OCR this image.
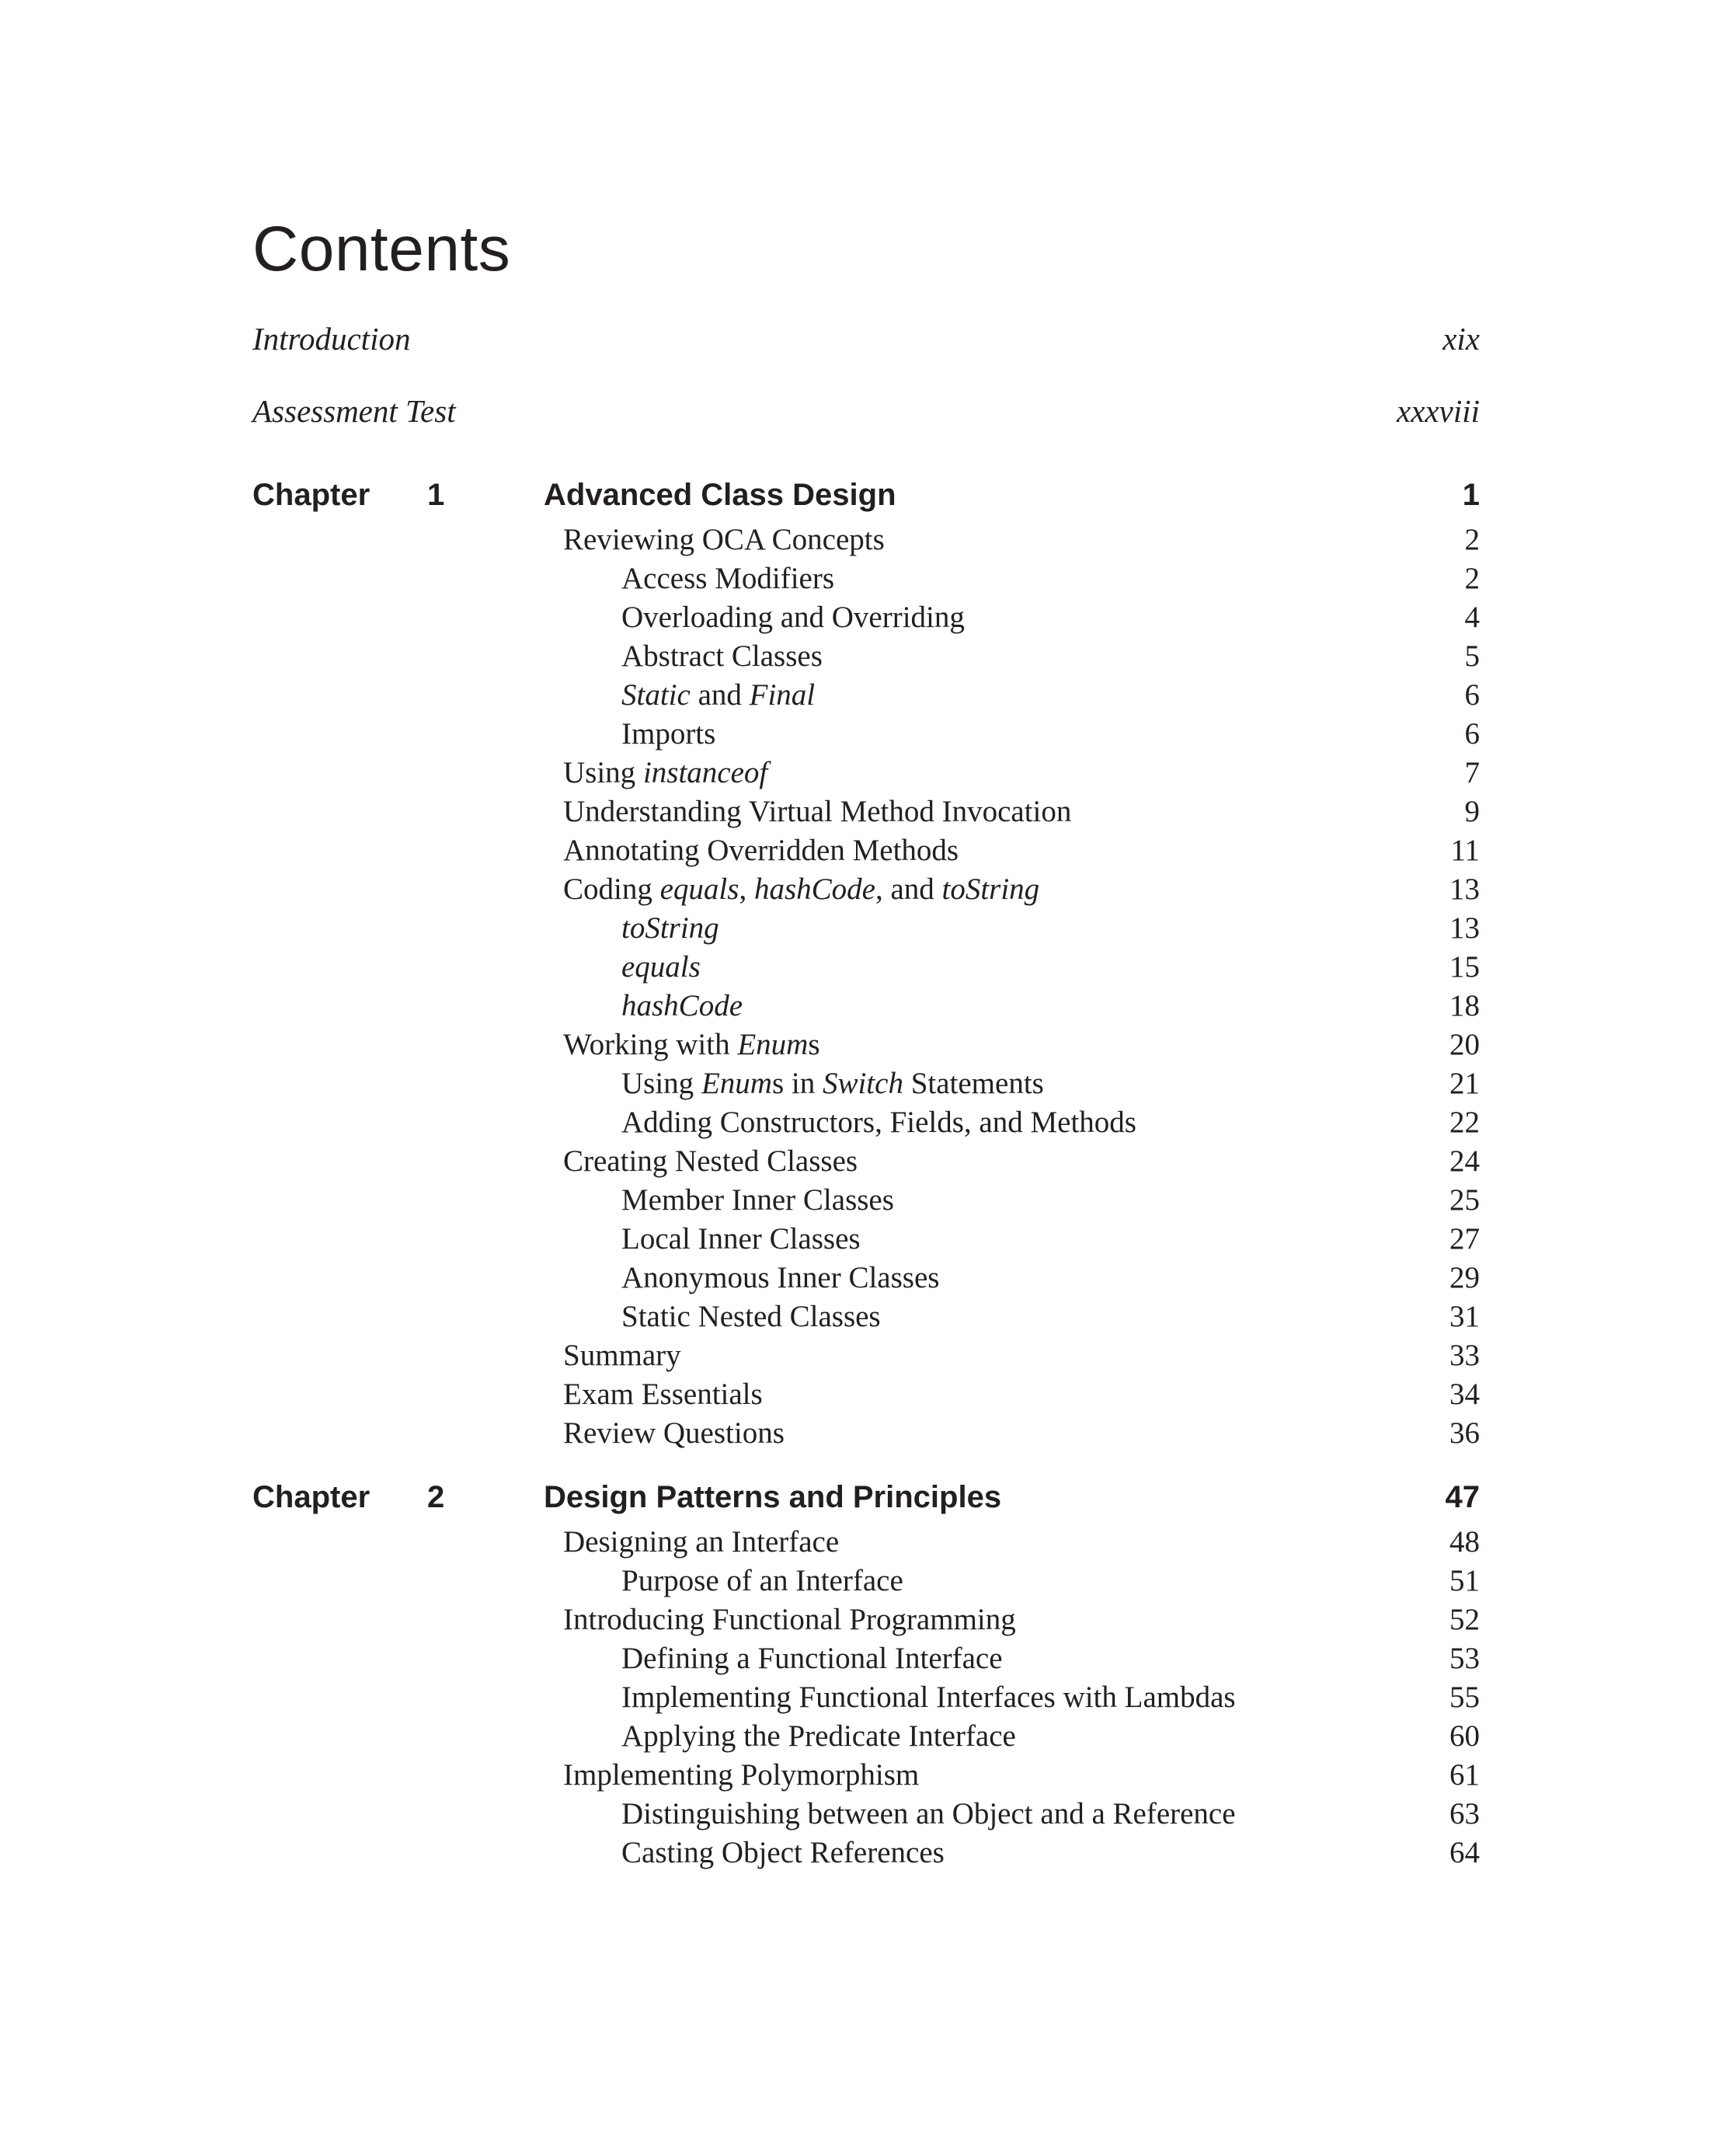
Contents
Introduction	xix
Assessment Test	xxxviii
Chapter	1	Advanced Class Design	1
Reviewing OCA Concepts	2
Access Modifiers	2
Overloading and Overriding	4
Abstract Classes	5
Static and Final	6
Imports	6
Using instanceof	7
Understanding Virtual Method Invocation	9
Annotating Overridden Methods	11
Coding equals, hashCode, and toString	13
toString	13
equals	15
hashCode	18
Working with Enums	20
Using Enums in Switch Statements	21
Adding Constructors, Fields, and Methods	22
Creating Nested Classes	24
Member Inner Classes	25
Local Inner Classes	27
Anonymous Inner Classes	29
Static Nested Classes	31
Summary	33
Exam Essentials	34
Review Questions	36
Chapter	2	Design Patterns and Principles	47
Designing an Interface	48
Purpose of an Interface	51
Introducing Functional Programming	52
Defining a Functional Interface	53
Implementing Functional Interfaces with Lambdas	55
Applying the Predicate Interface	60
Implementing Polymorphism	61
Distinguishing between an Object and a Reference	63
Casting Object References	64
